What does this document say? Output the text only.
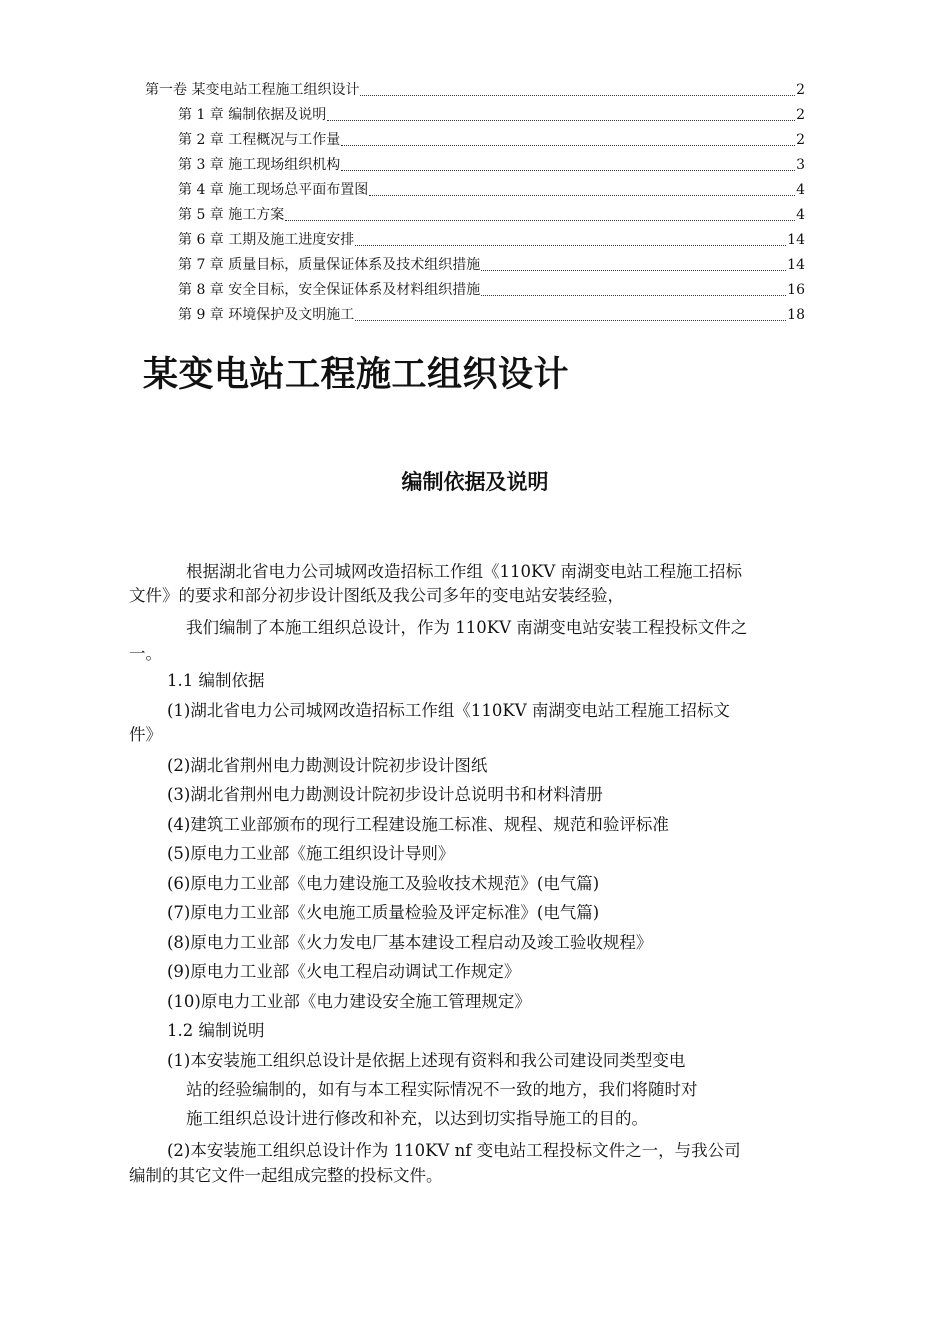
第一卷 某变电站工程施工组织设计	2
第 1 章 编制依据及说明	2
第 2 章 工程概况与工作量	2
第 3 章 施工现场组织机构	3
第 4 章 施工现场总平面布置图	4
第 5 章 施工方案	4
第 6 章 工期及施工进度安排	14
第 7 章 质量目标，质量保证体系及技术组织措施	14
第 8 章 安全目标，安全保证体系及材料组织措施	16
第 9 章 环境保护及文明施工	18
某变电站工程施工组织设计
编制依据及说明
根据湖北省电力公司城网改造招标工作组《110KV 南湖变电站工程施工招标
文件》的要求和部分初步设计图纸及我公司多年的变电站安装经验，
我们编制了本施工组织总设计，作为 110KV 南湖变电站安装工程投标文件之
一。
1.1 编制依据
(1)湖北省电力公司城网改造招标工作组《110KV 南湖变电站工程施工招标文
件》
(2)湖北省荆州电力勘测设计院初步设计图纸
(3)湖北省荆州电力勘测设计院初步设计总说明书和材料清册
(4)建筑工业部颁布的现行工程建设施工标准、规程、规范和验评标准
(5)原电力工业部《施工组织设计导则》
(6)原电力工业部《电力建设施工及验收技术规范》(电气篇)
(7)原电力工业部《火电施工质量检验及评定标准》(电气篇)
(8)原电力工业部《火力发电厂基本建设工程启动及竣工验收规程》
(9)原电力工业部《火电工程启动调试工作规定》
(10)原电力工业部《电力建设安全施工管理规定》
1.2 编制说明
(1)本安装施工组织总设计是依据上述现有资料和我公司建设同类型变电
站的经验编制的，如有与本工程实际情况不一致的地方，我们将随时对
施工组织总设计进行修改和补充，以达到切实指导施工的目的。
(2)本安装施工组织总设计作为 110KV nf 变电站工程投标文件之一，与我公司
编制的其它文件一起组成完整的投标文件。
